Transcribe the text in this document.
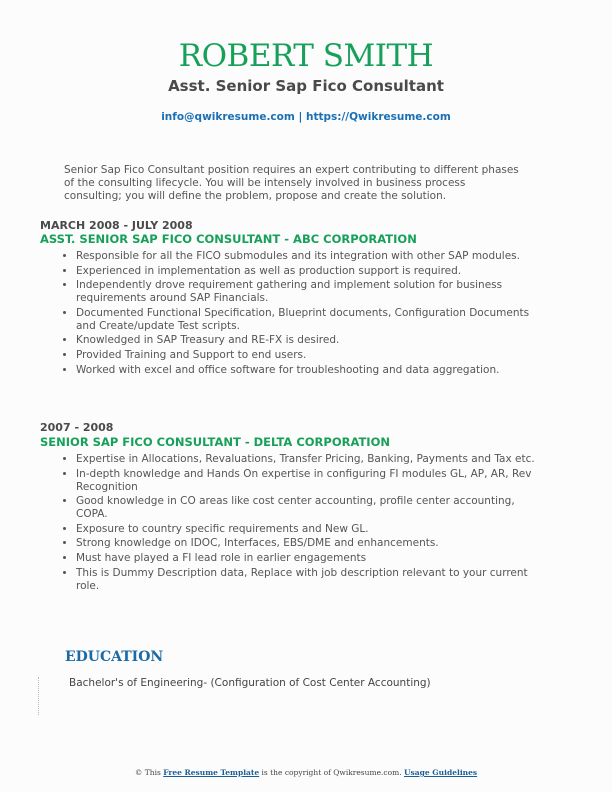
ROBERT SMITH
Asst. Senior Sap Fico Consultant
info@qwikresume.com | https://Qwikresume.com
Senior Sap Fico Consultant position requires an expert contributing to different phases of the consulting lifecycle. You will be intensely involved in business process consulting; you will define the problem, propose and create the solution.
MARCH 2008 - JULY 2008
ASST. SENIOR SAP FICO CONSULTANT - ABC CORPORATION
• Responsible for all the FICO submodules and its integration with other SAP modules.
• Experienced in implementation as well as production support is required.
• Independently drove requirement gathering and implement solution for business requirements around SAP Financials.
• Documented Functional Specification, Blueprint documents, Configuration Documents and Create/update Test scripts.
• Knowledged in SAP Treasury and RE-FX is desired.
• Provided Training and Support to end users.
• Worked with excel and office software for troubleshooting and data aggregation.
2007 - 2008
SENIOR SAP FICO CONSULTANT - DELTA CORPORATION
• Expertise in Allocations, Revaluations, Transfer Pricing, Banking, Payments and Tax etc.
• In-depth knowledge and Hands On expertise in configuring FI modules GL, AP, AR, Rev Recognition
• Good knowledge in CO areas like cost center accounting, profile center accounting, COPA.
• Exposure to country specific requirements and New GL.
• Strong knowledge on IDOC, Interfaces, EBS/DME and enhancements.
• Must have played a FI lead role in earlier engagements
• This is Dummy Description data, Replace with job description relevant to your current role.
EDUCATION
Bachelor's of Engineering- (Configuration of Cost Center Accounting)
© This Free Resume Template is the copyright of Qwikresume.com. Usage Guidelines
